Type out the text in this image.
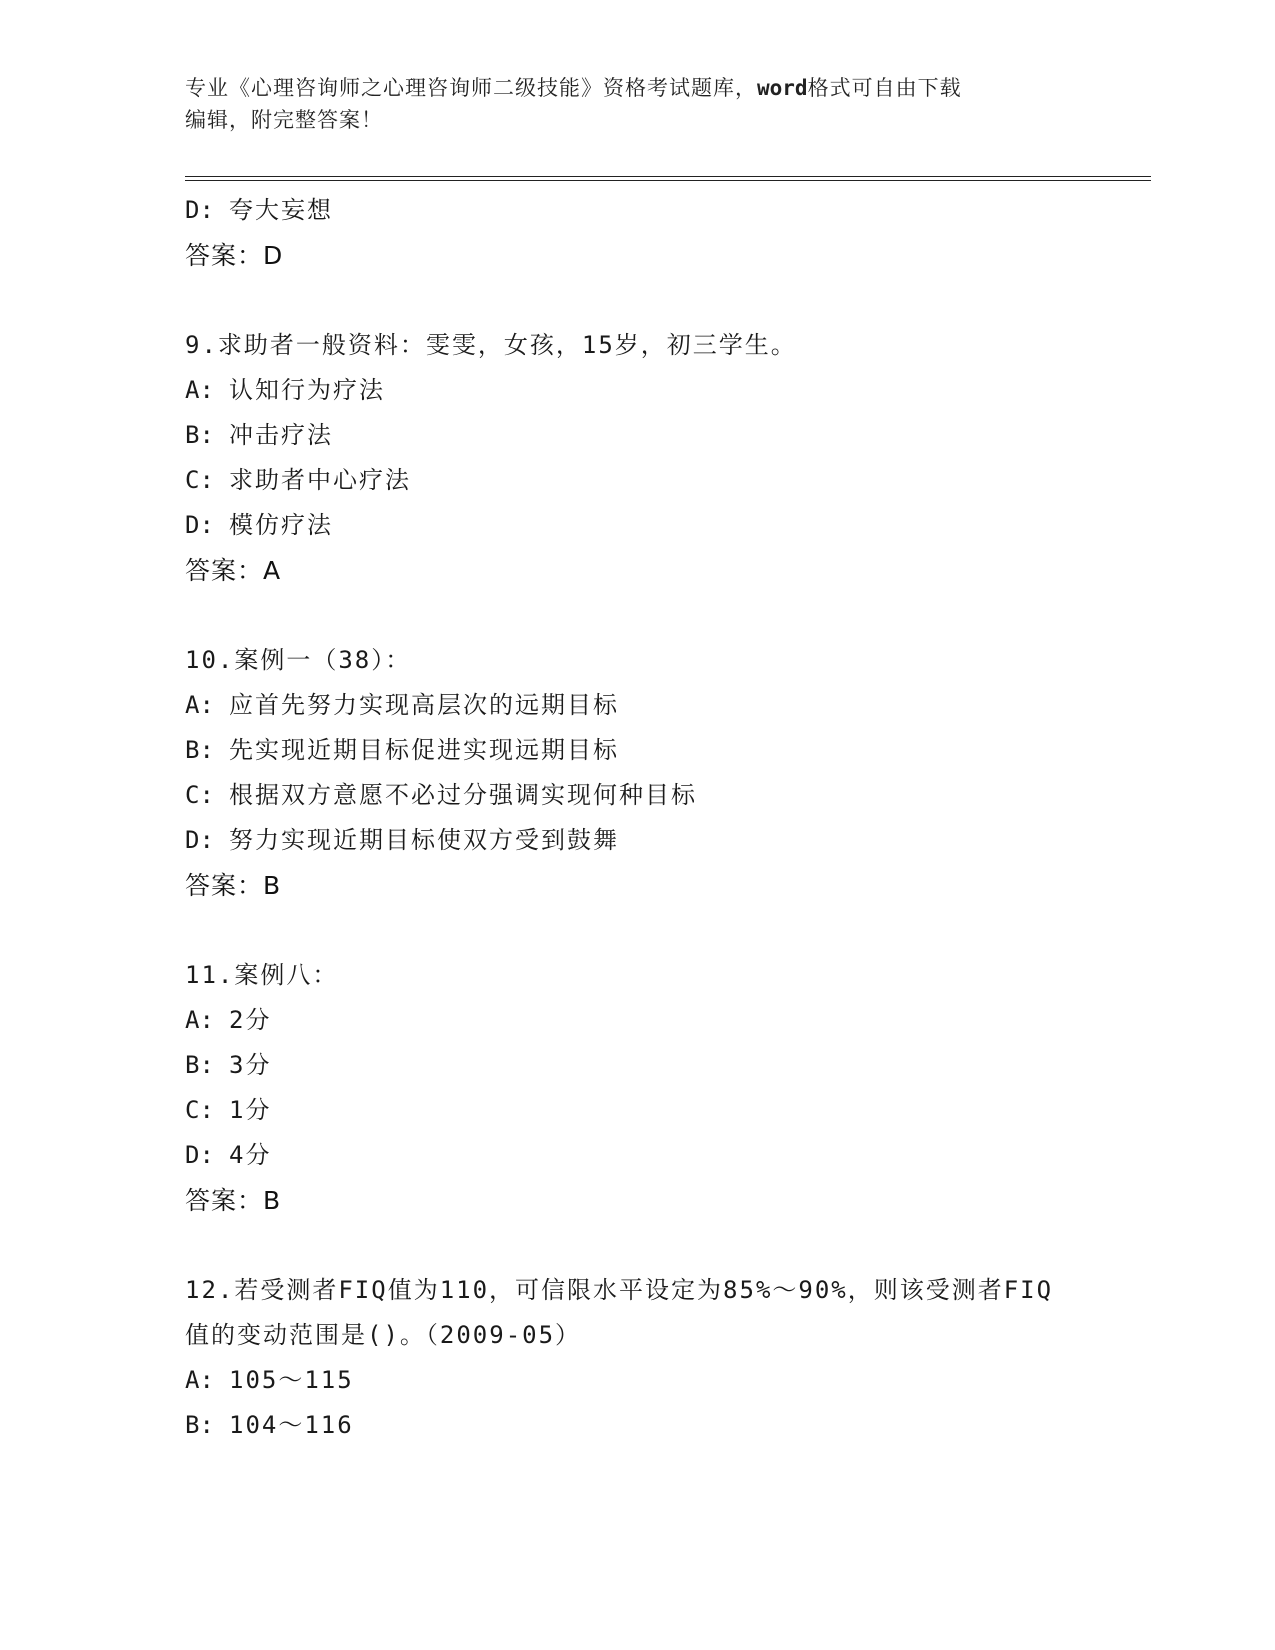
专业《心理咨询师之心理咨询师二级技能》资格考试题库，word格式可自由下载
编辑，附完整答案！
D: 夸大妄想
答案：D
9.求助者一般资料：雯雯，女孩，15岁，初三学生。
A: 认知行为疗法
B: 冲击疗法
C: 求助者中心疗法
D: 模仿疗法
答案：A
10.案例一（38）：
A: 应首先努力实现高层次的远期目标
B: 先实现近期目标促进实现远期目标
C: 根据双方意愿不必过分强调实现何种目标
D: 努力实现近期目标使双方受到鼓舞
答案：B
11.案例八：
A: 2分
B: 3分
C: 1分
D: 4分
答案：B
12.若受测者FIQ值为110，可信限水平设定为85%～90%，则该受测者FIQ值的变动范围是()。（2009-05）
A: 105～115
B: 104～116
